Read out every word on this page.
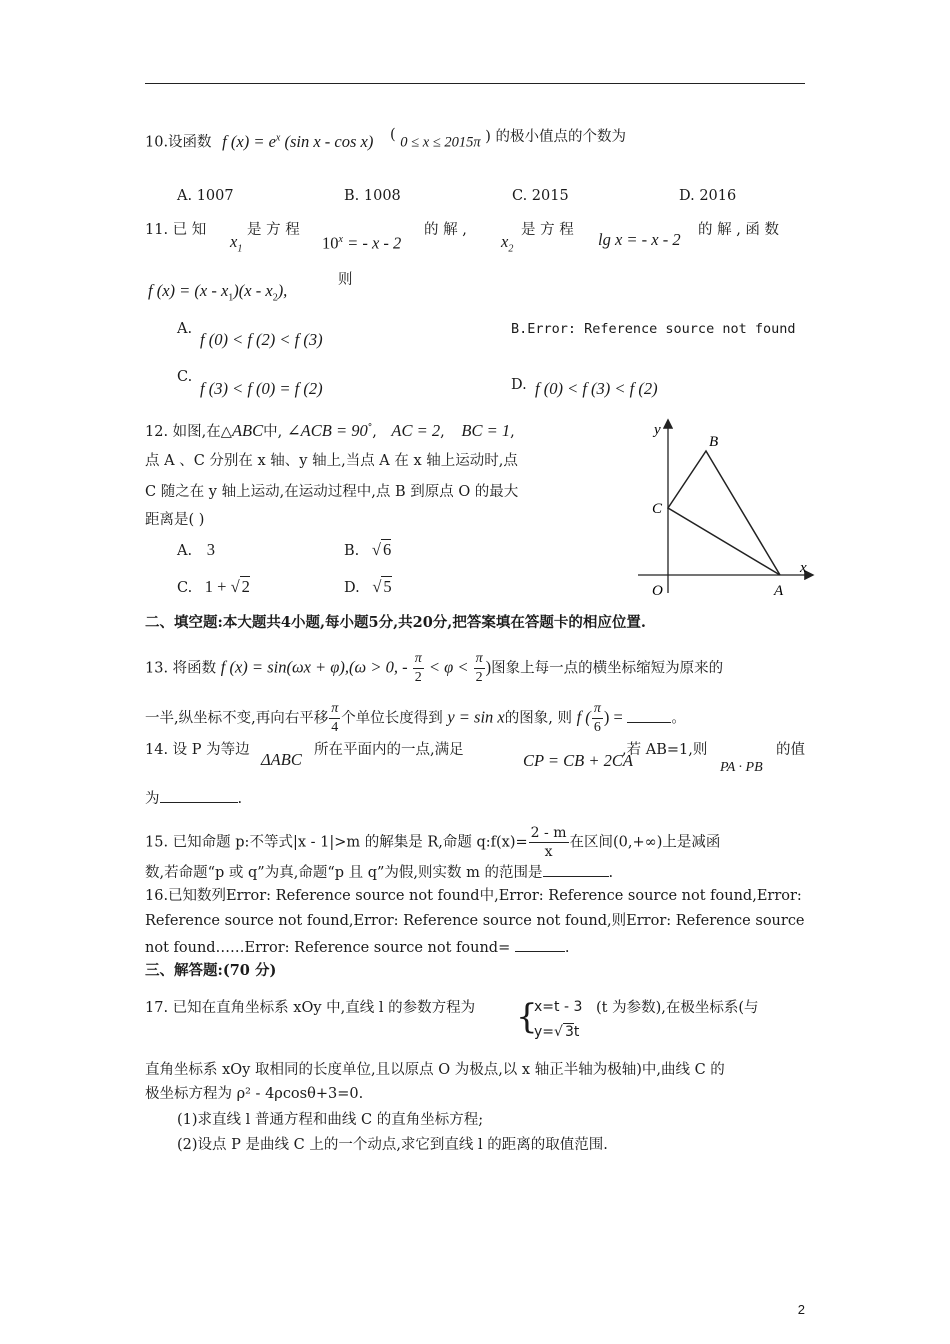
10.设函数 f $(x) = e^x$ (sin x - cos x) ( 0 ≤ x ≤ 2015π ) 的极小值点的个数为
A. 1007	B. 1008	C. 2015	D. 2016
11. 已 知
$x_1$
是 方 程
$10^x$ = - x - 2
的 解 ,
$x_2$
是 方 程 lg x = - x - 2 的 解 , 函 数
f $(x) = (x - x_1)(x - x_2)$,
则
A.
f (0) < f (2) < f (3)
B.Error: Reference source not found
C.
f (3) < f (0) = f (2)	D. f (0) < f (3) < f (2)
12. 如图,在△ABC中, ∠ACB = 90°, AC = 2, BC = 1,
点 A 、C 分别在 x 轴、y 轴上,当点 A 在 x 轴上运动时,点
C 随之在 y 轴上运动,在运动过程中,点 B 到原点 O 的最大
距离是( )
A. 3	B. √ 6
C. 1 + √ 2	D. √ 5
y
x
B
C
O	A
二、填空题:本大题共4小题,每小题5分,共20分,把答案填在答题卡的相应位置.
13. 将函数 f (x) = sin(ωx + φ),(ω > 0, - $\frac{\pi}{2} < \varphi < \frac{\pi}{2}$ )图象上每一点的横坐标缩短为原来的
一半,纵坐标不变,再向右平移 $\frac{\pi}{4}$ 个单位长度得到 y = sin x的图象, 则 f ( $\frac{\pi}{6}$ ) =	。
14. 设 P 为等边 ΔABC 所在平面内的一点,满足
CP = CB + 2CA
,若 AB=1,则
PA · PB
的值
为	.
15. 已知命题 p:不等式|x - 1|>m 的解集是 R,命题 q:f(x)= $\frac{2 - m}{x}$ 在区间(0,+∞)上是减函
数,若命题“p 或 q”为真,命题“p 且 q”为假,则实数 m 的范围是	.
16.已知数列Error: Reference source not found中,Error: Reference source not found,Error:
Reference source not found,Error: Reference source not found,则Error: Reference source
not found……Error: Reference source not found=	.
三、解答题:(70 分)
17. 已知在直角坐标系 xOy 中,直线 l 的参数方程为 {
x=t - 3
y=√ 3t
(t 为参数),在极坐标系(与
直角坐标系 xOy 取相同的长度单位,且以原点 O 为极点,以 x 轴正半轴为极轴)中,曲线 C 的
极坐标方程为 ρ² - 4ρcosθ+3=0.
(1)求直线 l 普通方程和曲线 C 的直角坐标方程;
(2)设点 P 是曲线 C 上的一个动点,求它到直线 l 的距离的取值范围.
2
